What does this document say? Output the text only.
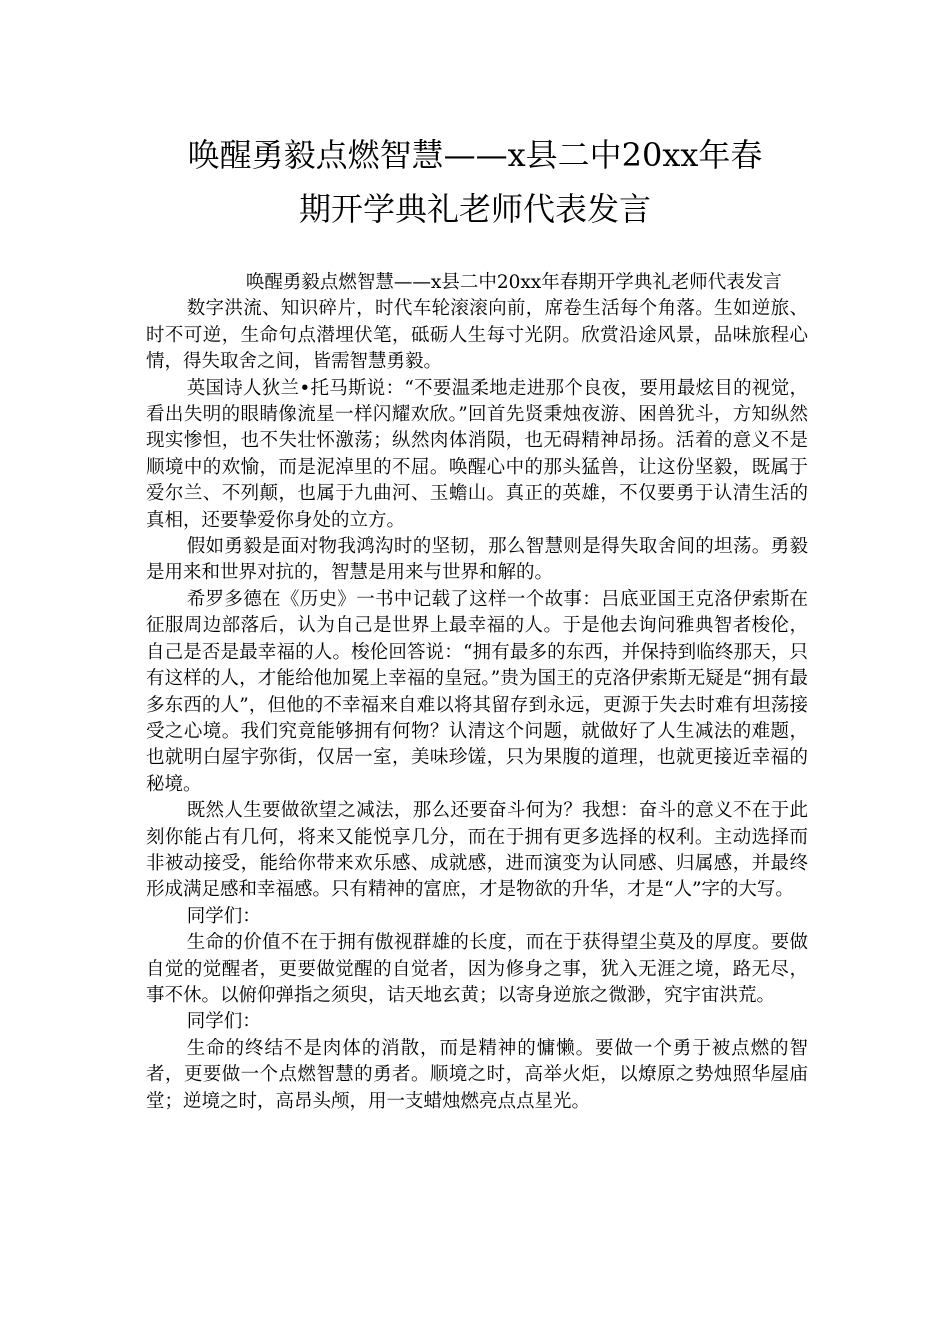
唤醒勇毅点燃智慧——x县二中20xx年春
期开学典礼老师代表发言

唤醒勇毅点燃智慧——x县二中20xx年春期开学典礼老师代表发言

数字洪流、知识碎片，时代车轮滚滚向前，席卷生活每个角落。生如逆旅、时不可逆，生命句点潜埋伏笔，砥砺人生每寸光阴。欣赏沿途风景，品味旅程心情，得失取舍之间，皆需智慧勇毅。

英国诗人狄兰•托马斯说：“不要温柔地走进那个良夜，要用最炫目的视觉，看出失明的眼睛像流星一样闪耀欢欣。”回首先贤秉烛夜游、困兽犹斗，方知纵然现实惨怛，也不失壮怀激荡；纵然肉体消陨，也无碍精神昂扬。活着的意义不是顺境中的欢愉，而是泥淖里的不屈。唤醒心中的那头猛兽，让这份坚毅，既属于爱尔兰、不列颠，也属于九曲河、玉蟾山。真正的英雄，不仅要勇于认清生活的真相，还要挚爱你身处的立方。

假如勇毅是面对物我鸿沟时的坚韧，那么智慧则是得失取舍间的坦荡。勇毅是用来和世界对抗的，智慧是用来与世界和解的。

希罗多德在《历史》一书中记载了这样一个故事：吕底亚国王克洛伊索斯在征服周边部落后，认为自己是世界上最幸福的人。于是他去询问雅典智者梭伦，自己是否是最幸福的人。梭伦回答说：“拥有最多的东西，并保持到临终那天，只有这样的人，才能给他加冕上幸福的皇冠。”贵为国王的克洛伊索斯无疑是“拥有最多东西的人”，但他的不幸福来自难以将其留存到永远，更源于失去时难有坦荡接受之心境。我们究竟能够拥有何物？认清这个问题，就做好了人生减法的难题，也就明白屋宇弥街，仅居一室，美味珍馐，只为果腹的道理，也就更接近幸福的秘境。

既然人生要做欲望之减法，那么还要奋斗何为？我想：奋斗的意义不在于此刻你能占有几何，将来又能悦享几分，而在于拥有更多选择的权利。主动选择而非被动接受，能给你带来欢乐感、成就感，进而演变为认同感、归属感，并最终形成满足感和幸福感。只有精神的富庶，才是物欲的升华，才是“人”字的大写。

同学们：

生命的价值不在于拥有傲视群雄的长度，而在于获得望尘莫及的厚度。要做自觉的觉醒者，更要做觉醒的自觉者，因为修身之事，犹入无涯之境，路无尽，事不休。以俯仰弹指之须臾，诘天地玄黄；以寄身逆旅之微渺，究宇宙洪荒。

同学们：

生命的终结不是肉体的消散，而是精神的慵懒。要做一个勇于被点燃的智者，更要做一个点燃智慧的勇者。顺境之时，高举火炬，以燎原之势烛照华屋庙堂；逆境之时，高昂头颅，用一支蜡烛燃亮点点星光。
